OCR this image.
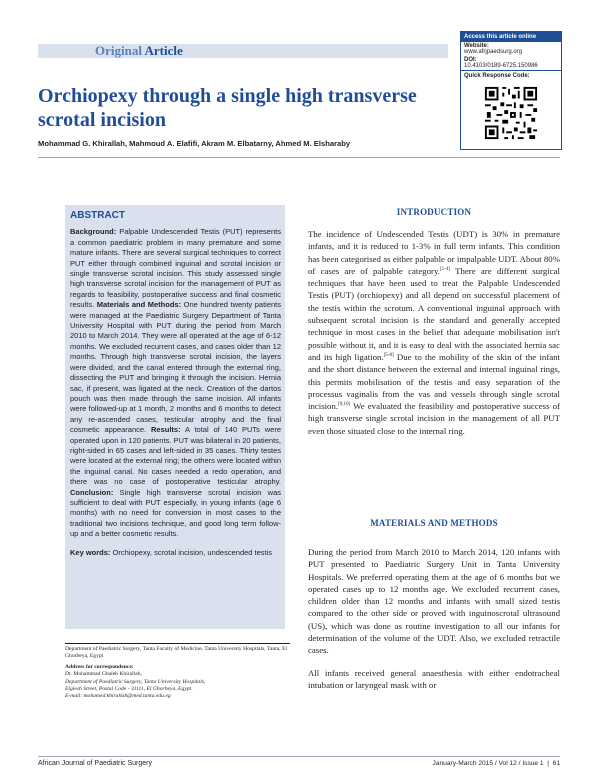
Original Article
Access this article online
Website:
www.afrjpaedsurg.org
DOI:
10.4103/0189-6725.150986
Quick Response Code:
Orchiopexy through a single high transverse scrotal incision

Mohammad G. Khirallah, Mahmoud A. Elafifi, Akram M. Elbatarny, Ahmed M. Elsharaby

ABSTRACT

Background: Palpable Undescended Testis (PUT) represents a common paediatric problem in many premature and some mature infants. There are several surgical techniques to correct PUT either through combined inguinal and scrotal incision or single transverse scrotal incision. This study assessed single high transverse scrotal incision for the management of PUT as regards to feasibility, postoperative success and final cosmetic results. Materials and Methods: One hundred twenty patients were managed at the Paediatric Surgery Department of Tanta University Hospital with PUT during the period from March 2010 to March 2014. They were all operated at the age of 6-12 months. We excluded recurrent cases, and cases older than 12 months. Through high transverse scrotal incision, the layers were divided, and the canal entered through the external ring, dissecting the PUT and bringing it through the incision. Hernia sac, if present, was ligated at the neck. Creation of the dartos pouch was then made through the same incision. All infants were followed-up at 1 month, 2 months and 6 months to detect any re-ascended cases, testicular atrophy and the final cosmetic appearance. Results: A total of 140 PUTs were operated upon in 120 patients. PUT was bilateral in 20 patients, right-sided in 65 cases and left-sided in 35 cases. Thirty testes were located at the external ring; the others were located within the inguinal canal. No cases needed a redo operation, and there was no case of postoperative testicular atrophy. Conclusion: Single high transverse scrotal incision was sufficient to deal with PUT especially, in young infants (age 6 months) with no need for conversion in most cases to the traditional two incisions technique, and good long term follow-up and a better cosmetic results.

Key words: Orchiopexy, scrotal incision, undescended testis

Department of Paediatric Surgery, Tanta Faculty of Medicine, Tanta University Hospitals, Tanta, El Ghorbeya, Egypt
Address for correspondence:
Dr. Mohammad Ghaleb Khirallah,
Department of Paediatric Surgery, Tanta University Hospitals,
Elgiesh Street, Postal Code - 31111, El Ghorbeya, Egypt.
E-mail: mohamed.khirallah@med.tanta.edu.eg
INTRODUCTION

The incidence of Undescended Testis (UDT) is 30% in premature infants, and it is reduced to 1-3% in full term infants. This condition has been categorised as either palpable or impalpable UDT. About 80% of cases are of palpable category.[1-4] There are different surgical techniques that have been used to treat the Palpable Undescended Testis (PUT) (orchiopexy) and all depend on successful placement of the testis within the scrotum. A conventional inguinal approach with subsequent scrotal incision is the standard and generally accepted technique in most cases in the belief that adequate mobilisation isn't possible without it, and it is easy to deal with the associated hernia sac and its high ligation.[5-8] Due to the mobility of the skin of the infant and the short distance between the external and internal inguinal rings, this permits mobilisation of the testis and easy separation of the processus vaginalis from the vas and vessels through single scrotal incision.[9,10] We evaluated the feasibility and postoperative success of high transverse single scrotal incision in the management of all PUT even those situated close to the internal ring.

MATERIALS AND METHODS

During the period from March 2010 to March 2014, 120 infants with PUT presented to Paediatric Surgery Unit in Tanta University Hospitals. We preferred operating them at the age of 6 months but we operated cases up to 12 months age. We excluded recurrent cases, children older than 12 months and infants with small sized testis compared to the other side or proved with inguinoscrotal ultrasound (US), which was done as routine investigation to all our infants for determination of the volume of the UDT. Also, we excluded retractile cases.

All infants received general anaesthesia with either endotracheal intubation or laryngeal mask with or

African Journal of Paediatric Surgery	January-March 2015 / Vol 12 / Issue 1  |  61
